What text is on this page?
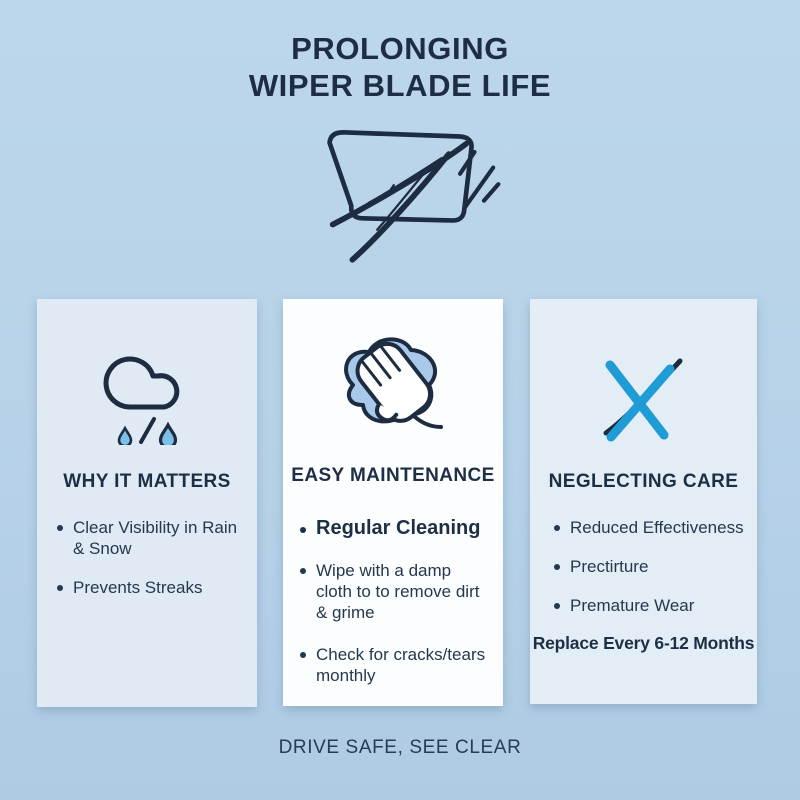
PROLONGING
WIPER BLADE LIFE
WHY IT MATTERS
Clear Visibility in Rain & Snow
Prevents Streaks
EASY MAINTENANCE
Regular Cleaning
Wipe with a damp cloth to to remove dirt & grime
Check for cracks/tears monthly
NEGLECTING CARE
Reduced Effectiveness
Prectirture
Premature Wear

Replace Every 6-12 Months

DRIVE SAFE, SEE CLEAR
